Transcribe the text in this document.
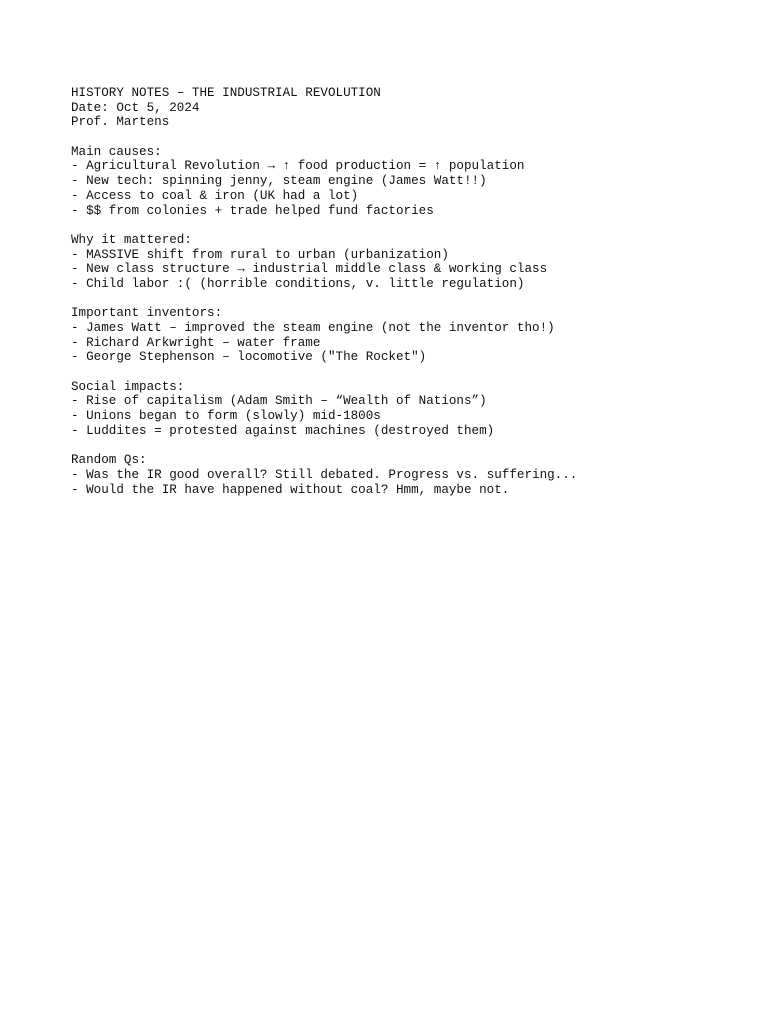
HISTORY NOTES – THE INDUSTRIAL REVOLUTION
Date: Oct 5, 2024
Prof. Martens
Main causes:
- Agricultural Revolution → ↑ food production = ↑ population
- New tech: spinning jenny, steam engine (James Watt!!)
- Access to coal & iron (UK had a lot)
- $$ from colonies + trade helped fund factories
Why it mattered:
- MASSIVE shift from rural to urban (urbanization)
- New class structure → industrial middle class & working class
- Child labor :( (horrible conditions, v. little regulation)
Important inventors:
- James Watt – improved the steam engine (not the inventor tho!)
- Richard Arkwright – water frame
- George Stephenson – locomotive ("The Rocket")
Social impacts:
- Rise of capitalism (Adam Smith – “Wealth of Nations”)
- Unions began to form (slowly) mid-1800s
- Luddites = protested against machines (destroyed them)
Random Qs:
- Was the IR good overall? Still debated. Progress vs. suffering...
- Would the IR have happened without coal? Hmm, maybe not.
